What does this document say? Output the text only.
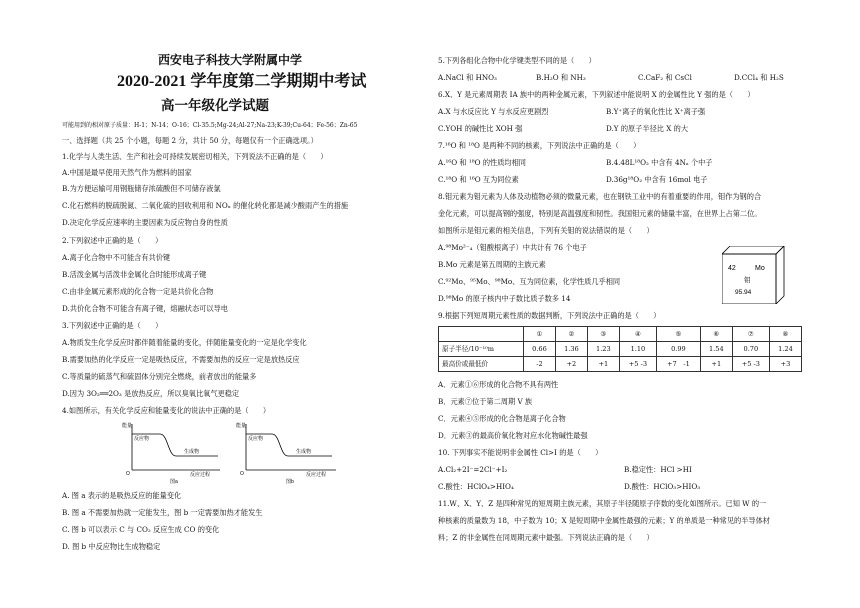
西安电子科技大学附属中学
2020-2021 学年度第二学期期中考试
高一年级化学试题
可能用到的相对原子质量：H-1；N-14；O-16；Cl-35.5;Mg-24;Al-27;Na-23;K-39;Cu-64；Fe-56；Zn-65
一、选择题（共 25 个小题，每题 2 分，共计 50 分，每题仅有一个正确选项。）
1.化学与人类生活、生产和社会可持续发展密切相关，下列说法不正确的是（　　）
A.中国是最早使用天然气作为燃料的国家
B.为方便运输可用钢瓶储存浓硫酸但不可储存液氯
C.化石燃料的脱硫脱氮、二氧化硫的回收利用和 NOₓ 的催化转化都是减少酸雨产生的措施
D.决定化学反应速率的主要因素为反应物自身的性质
2.下列叙述中正确的是（　　）
A.离子化合物中不可能含有共价键
B.活泼金属与活泼非金属化合时能形成离子键
C.由非金属元素形成的化合物一定是共价化合物
D.共价化合物不可能含有离子键，熔融状态可以导电
3.下列叙述中正确的是（　　）
A.物质发生化学反应时都伴随着能量的变化，伴随能量变化的一定是化学变化
B.需要加热的化学反应一定是吸热反应，不需要加热的反应一定是放热反应
C.等质量的硫蒸气和硫固体分别完全燃烧，前者放出的能量多
D.因为 3O₂══2O₃ 是放热反应，所以臭氧比氧气更稳定
4.如图所示，有关化学反应和能量变化的说法中正确的是（　　）
能量
O
反应物
生成物
反应过程
图a
能量
O
反应物
生成物
反应过程
图b
A. 图 a 表示的是吸热反应的能量变化
B. 图 a 不需要加热就一定能发生，图 b 一定需要加热才能发生
C. 图 b 可以表示 C 与 CO₂ 反应生成 CO 的变化
D. 图 b 中反应物比生成物稳定
5.下列各组化合物中化学键类型不同的是（　　）
A.NaCl 和 HNO₃	B.H₂O 和 NH₃	C.CaF₂ 和 CsCl	D.CCl₄ 和 H₂S
6.X、Y 是元素周期表 IA 族中的两种金属元素，下列叙述中能说明 X 的金属性比 Y 强的是（　　）
A.X 与水反应比 Y 与水反应更剧烈	B.Y⁺离子的氧化性比 X⁺离子强
C.YOH 的碱性比 XOH 强	D.Y 的原子半径比 X 的大
7.¹⁶O 和 ¹⁸O 是两种不同的核素，下列说法中正确的是（　　）
A.¹⁶O 和 ¹⁸O 的性质均相同	B.4.48L¹⁸O₂ 中含有 4Nₐ 个中子
C.¹⁸O 和 ¹⁶O 互为同位素	D.36g¹⁸O₂ 中含有 16mol 电子
8.钼元素为钼元素为人体及动植物必须的微量元素，也在钢铁工业中的有着重要的作用，钼作为钢的合
金化元素，可以提高钢的强度，特别是高温强度和韧性。我国钼元素的储量丰富，在世界上占第二位。
如图所示是钼元素的相关信息，下列有关钼的说法错误的是（　　）
A.⁹⁸Mo²⁻₄（钼酸根离子）中共计有 76 个电子
B.Mo 元素是第五周期的主族元素
C.⁹²Mo、⁹⁵Mo、⁹⁸Mo、互为同位素，化学性质几乎相同
D.⁹⁸Mo 的原子核内中子数比质子数多 14
42	Mo
钼
95.94
9.根据下列短周期元素性质的数据判断，下列说法中正确的是（　　）
	①	②	③	④	⑤	⑥	⑦	⑧
原子半径/10⁻¹⁰m	0.66	1.36	1.23	1.10	0.99	1.54	0.70	1.24
最高价或最低价	-2	+2	+1	+5 -3	+7　-1	+1	+5 -3	+3
A．元素①⑥形成的化合物不具有两性
B．元素⑦位于第二周期 V 族
C．元素④⑤形成的化合物是离子化合物
D．元素③的最高价氧化物对应水化物碱性最强
10. 下列事实不能说明非金属性 Cl>I 的是（　　）
A.Cl₂+2I⁻=2Cl⁻+I₂	B.稳定性：HCl >HI
C.酸性：HClO₄>HIO₄	D.酸性：HClO₃>HIO₃
11.W、X、Y、Z 是四种常见的短周期主族元素，其原子半径随原子序数的变化如图所示。已知 W 的一
种核素的质量数为 18，中子数为 10；X 是短周期中金属性最强的元素；Y 的单质是一种常见的半导体材
料；Z 的非金属性在同周期元素中最强。下列说法正确的是（　　）
